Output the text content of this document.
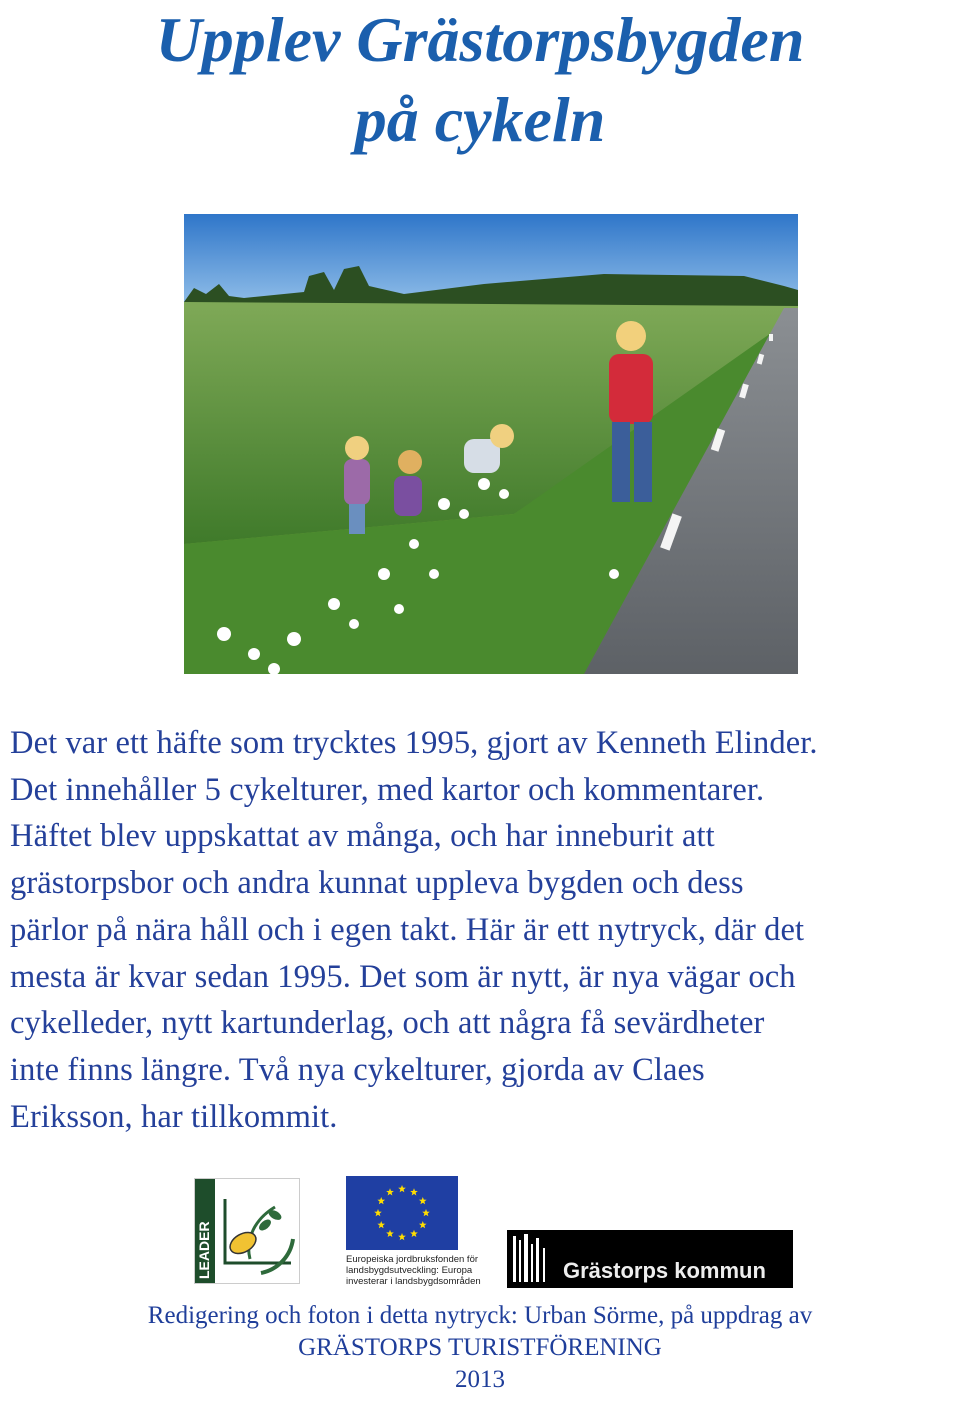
Upplev Grästorpsbygden
på cykeln
Det var ett häfte som trycktes 1995, gjort av Kenneth Elinder.
Det innehåller 5 cykelturer, med kartor och kommentarer.
Häftet blev uppskattat av många, och har inneburit att
grästorpsbor och andra kunnat uppleva bygden och dess
pärlor på nära håll och i egen takt. Här är ett nytryck, där det
mesta är kvar sedan 1995. Det som är nytt, är nya vägar och
cykelleder, nytt kartunderlag, och att några få sevärdheter
inte finns längre. Två nya cykelturer, gjorda av Claes
Eriksson, har tillkommit.
LEADER	Europeiska jordbruksfonden för
landsbygdsutveckling: Europa
investerar i landsbygdsområden	Grästorps kommun
Redigering och foton i detta nytryck: Urban Sörme, på uppdrag av
GRÄSTORPS TURISTFÖRENING
2013
